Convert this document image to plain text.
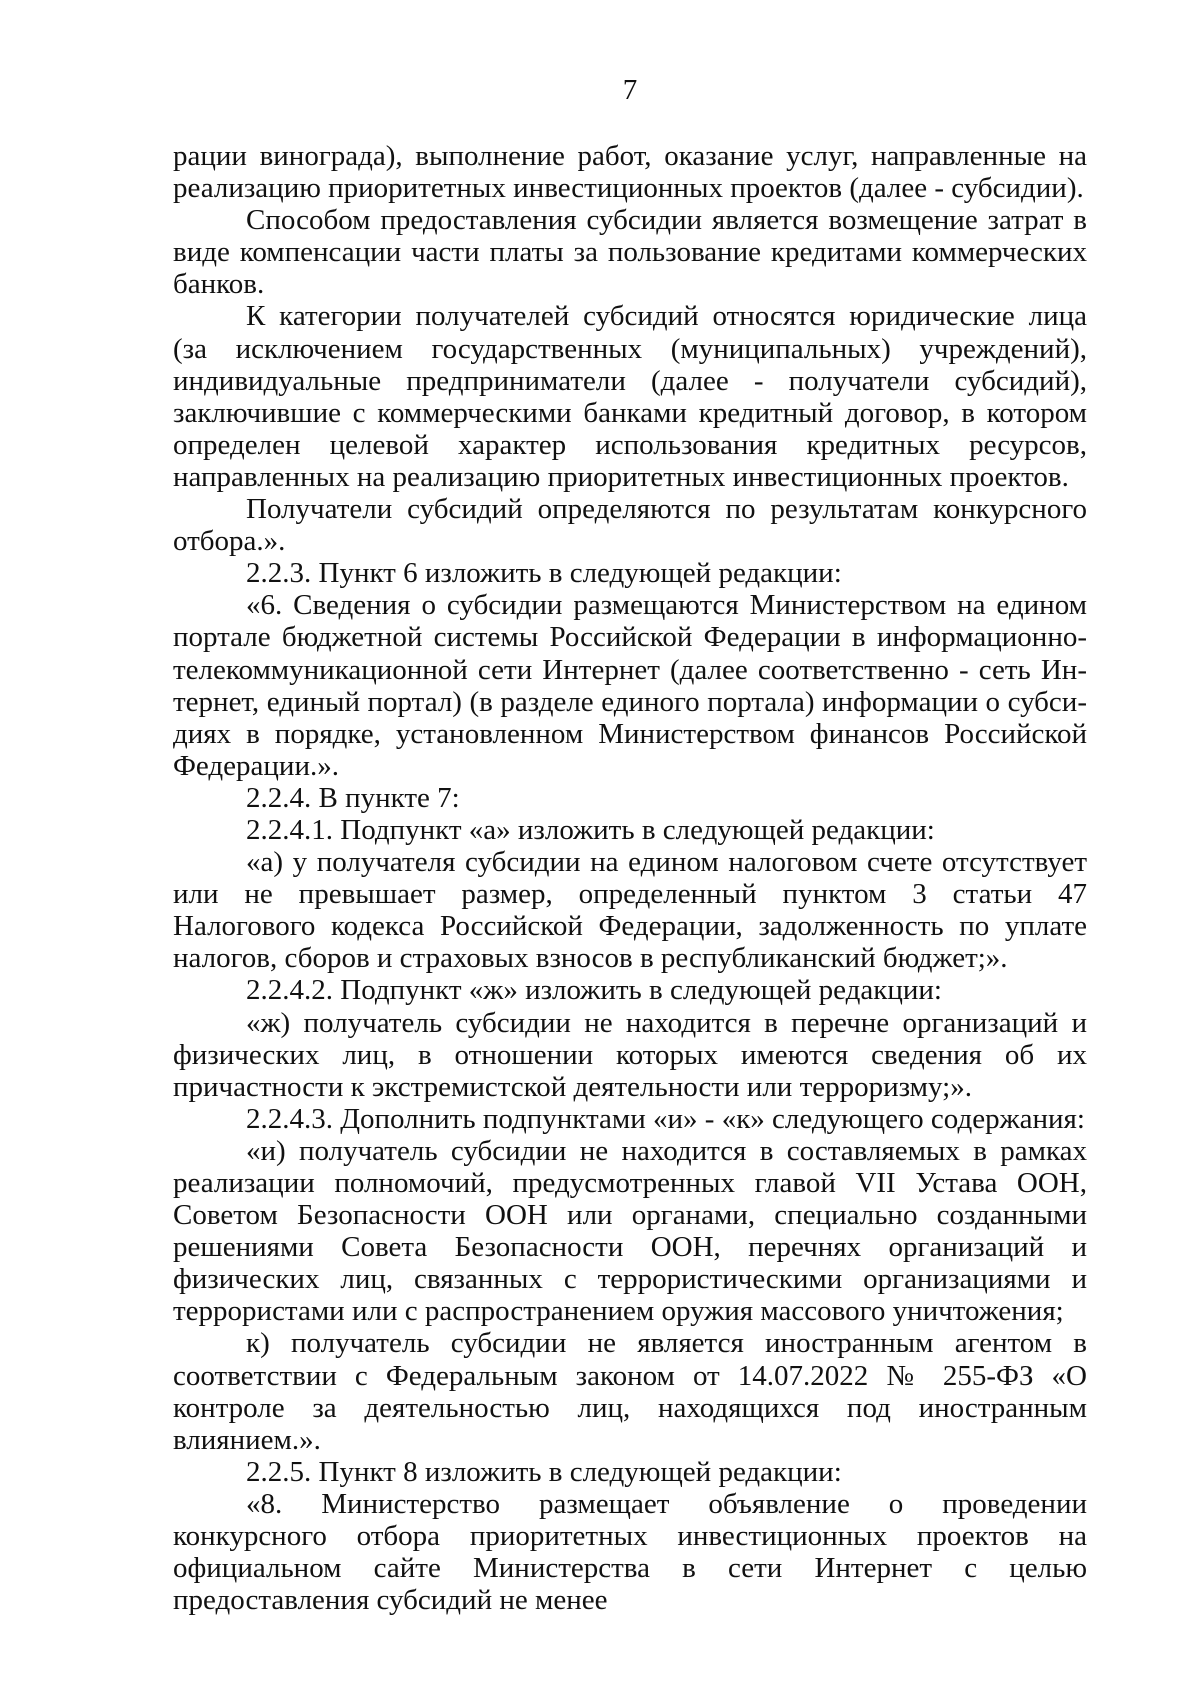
7

рации винограда), выполнение работ, оказание услуг, направленные на реализацию приоритетных инвестиционных проектов (далее - субсидии).

Способом предоставления субсидии является возмещение затрат в виде компенсации части платы за пользование кредитами коммерческих банков.

К категории получателей субсидий относятся юридические лица (за исключением государственных (муниципальных) учреждений), индивидуальные предприниматели (далее - получатели субсидий), заключившие с коммерческими банками кредитный договор, в котором определен целевой характер использования кредитных ресурсов, направленных на реализацию приоритетных инвестиционных проектов.

Получатели субсидий определяются по результатам конкурсного отбора.».

2.2.3. Пункт 6 изложить в следующей редакции:

«6. Сведения о субсидии размещаются Министерством на едином портале бюджетной системы Российской Федерации в информационно-телекоммуникационной сети Интернет (далее соответственно - сеть Интернет, единый портал) (в разделе единого портала) информации о субсидиях в порядке, установленном Министерством финансов Российской Федерации.».

2.2.4. В пункте 7:

2.2.4.1. Подпункт «а» изложить в следующей редакции:

«а) у получателя субсидии на едином налоговом счете отсутствует или не превышает размер, определенный пунктом 3 статьи 47 Налогового кодекса Российской Федерации, задолженность по уплате налогов, сборов и страховых взносов в республиканский бюджет;».

2.2.4.2. Подпункт «ж» изложить в следующей редакции:

«ж) получатель субсидии не находится в перечне организаций и физических лиц, в отношении которых имеются сведения об их причастности к экстремистской деятельности или терроризму;».

2.2.4.3. Дополнить подпунктами «и» - «к» следующего содержания:

«и) получатель субсидии не находится в составляемых в рамках реализации полномочий, предусмотренных главой VII Устава ООН, Советом Безопасности ООН или органами, специально созданными решениями Совета Безопасности ООН, перечнях организаций и физических лиц, связанных с террористическими организациями и террористами или с распространением оружия массового уничтожения;

к) получатель субсидии не является иностранным агентом в соответствии с Федеральным законом от 14.07.2022 № 255-ФЗ «О контроле за деятельностью лиц, находящихся под иностранным влиянием.».

2.2.5. Пункт 8 изложить в следующей редакции:

«8. Министерство размещает объявление о проведении конкурсного отбора приоритетных инвестиционных проектов на официальном сайте Министерства в сети Интернет с целью предоставления субсидий не менее
